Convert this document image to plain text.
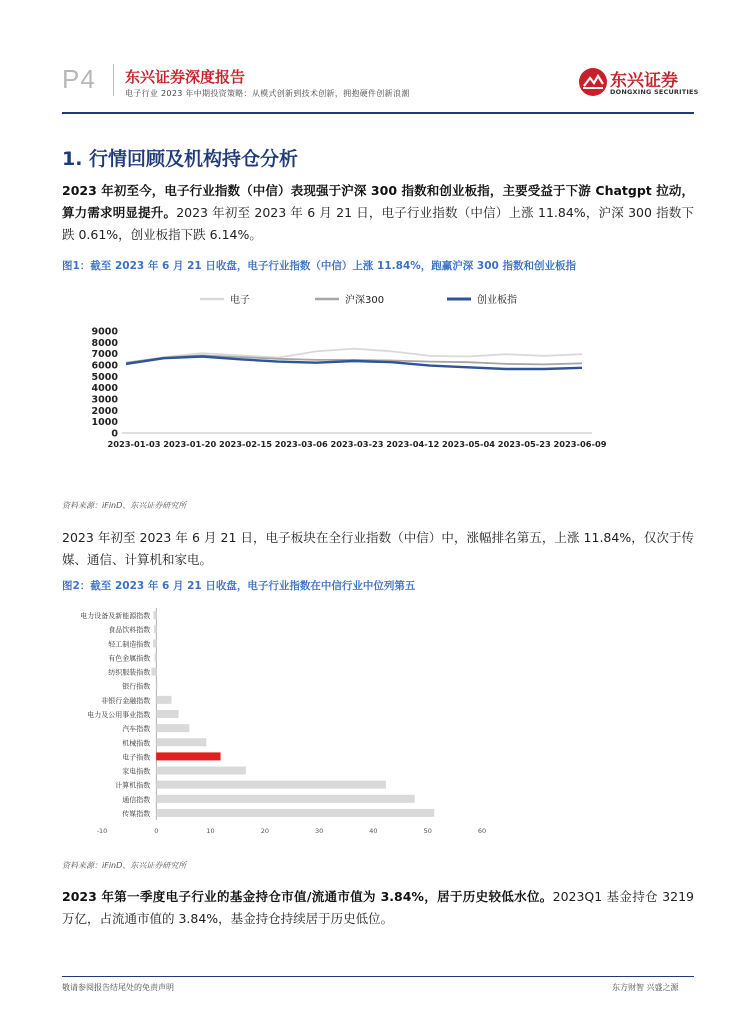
P4 东兴证券深度报告
电子行业 2023 年中期投资策略：从模式创新到技术创新，拥抱硬件创新浪潮
东兴证券
DONGXING SECURITIES
1. 行情回顾及机构持仓分析
2023 年初至今，电子行业指数（中信）表现强于沪深 300 指数和创业板指，主要受益于下游 Chatgpt 拉动，算力需求明显提升。2023 年初至 2023 年 6 月 21 日，电子行业指数（中信）上涨 11.84%，沪深 300 指数下跌 0.61%，创业板指下跌 6.14%。
图1：截至 2023 年 6 月 21 日收盘，电子行业指数（中信）上涨 11.84%，跑赢沪深 300 指数和创业板指
电子	沪深300	创业板指
0
1000
2000
3000
4000
5000
6000
7000
8000
9000
2023-01-03 2023-01-20 2023-02-15 2023-03-06 2023-03-23 2023-04-12 2023-05-04 2023-05-23 2023-06-09
资料来源：iFinD、东兴证券研究所
2023 年初至 2023 年 6 月 21 日，电子板块在全行业指数（中信）中，涨幅排名第五，上涨 11.84%，仅次于传媒、通信、计算机和家电。
图2：截至 2023 年 6 月 21 日收盘，电子行业指数在中信行业中位列第五
电力设备及新能源指数
食品饮料指数
轻工制造指数
有色金属指数
纺织服装指数
银行指数
非银行金融指数
电力及公用事业指数
汽车指数
机械指数
电子指数
家电指数
计算机指数
通信指数
传媒指数
-10	0	10	20	30	40	50	60
资料来源：iFinD、东兴证券研究所
2023 年第一季度电子行业的基金持仓市值/流通市值为 3.84%，居于历史较低水位。2023Q1 基金持仓 3219 万亿，占流通市值的 3.84%，基金持仓持续居于历史低位。
敬请参阅报告结尾处的免责声明	东方财智 兴盛之源
